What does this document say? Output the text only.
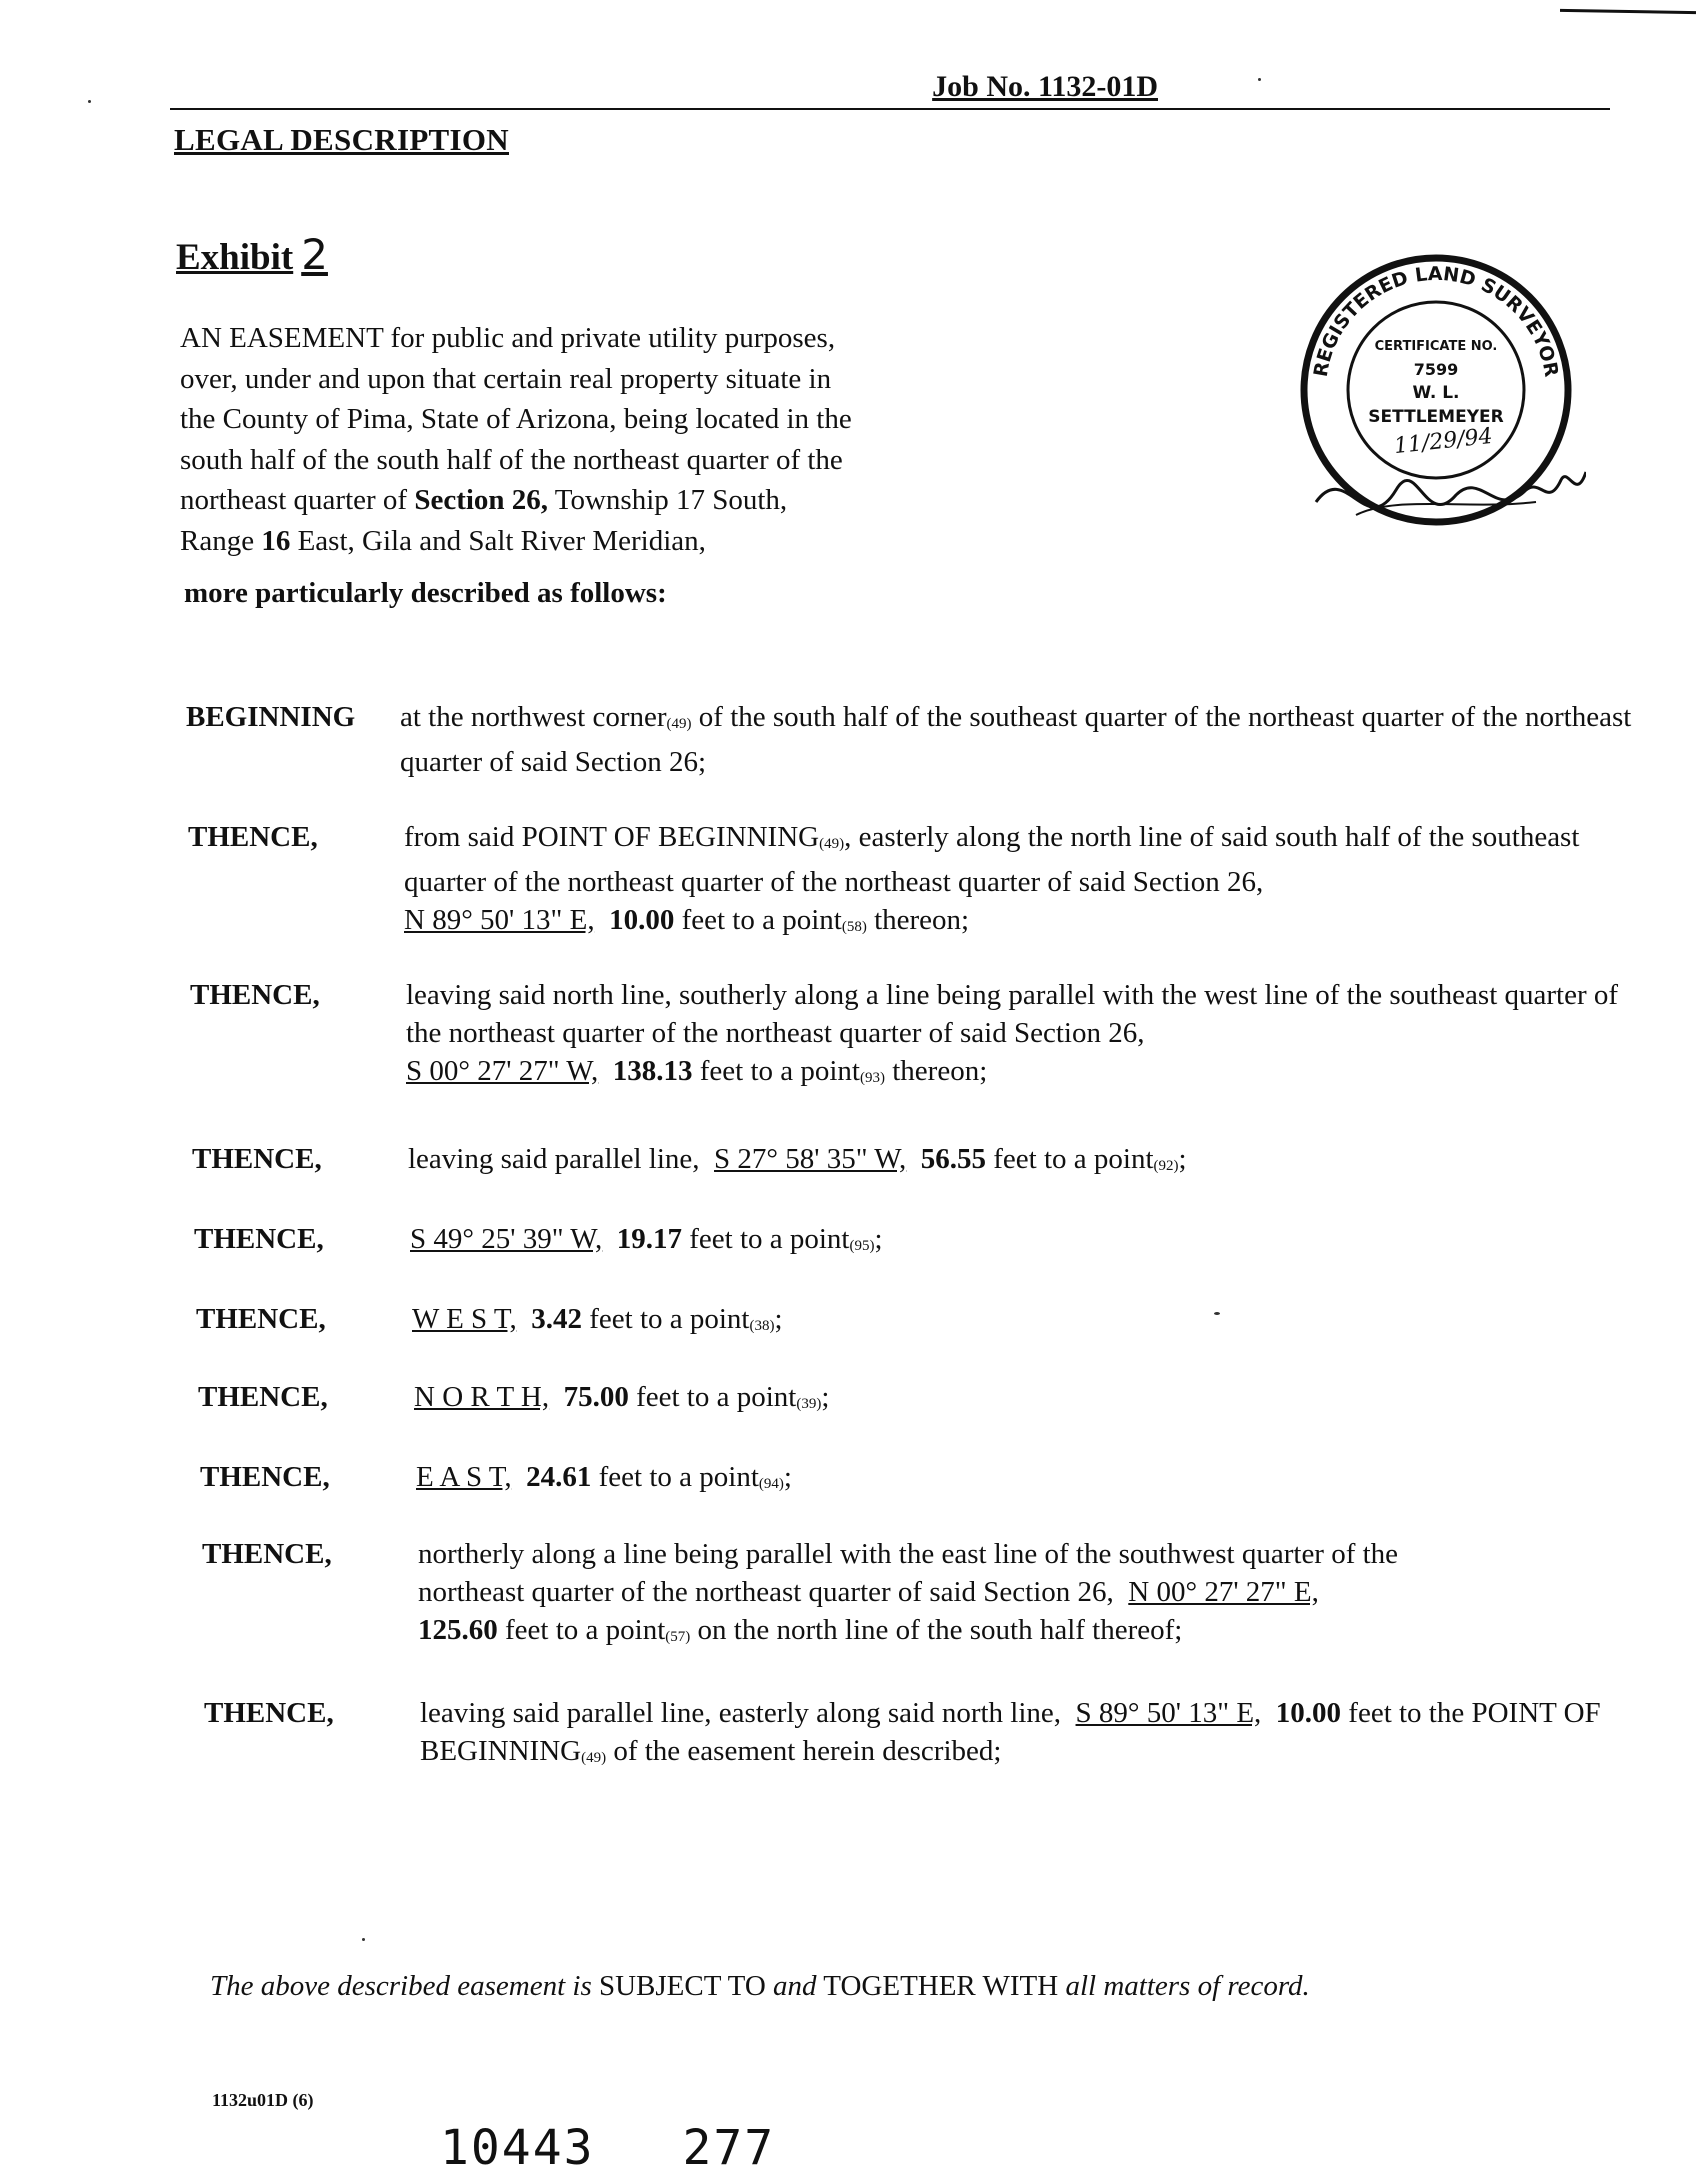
Job No. 1132-01D
LEGAL DESCRIPTION
Exhibit 2
AN EASEMENT for public and private utility purposes,
over, under and upon that certain real property situate in
the County of Pima, State of Arizona, being located in the
south half of the south half of the northeast quarter of the
northeast quarter of Section 26, Township 17 South,
Range 16 East, Gila and Salt River Meridian,
more particularly described as follows:
REGISTERED LAND SURVEYOR
CERTIFICATE NO.
7599
W. L.
SETTLEMEYER
11/29/94
BEGINNING at the northwest corner(49) of the south half of the southeast quarter of the northeast quarter of the northeast quarter of said Section 26;
THENCE,	from said POINT OF BEGINNING(49), easterly along the north line of said south half of the southeast quarter of the northeast quarter of the northeast quarter of said Section 26,
N 89° 50' 13" E, 10.00 feet to a point(58) thereon;
THENCE,	leaving said north line, southerly along a line being parallel with the west line of the southeast quarter of the northeast quarter of the northeast quarter of said Section 26,
S 00° 27' 27" W, 138.13 feet to a point(93) thereon;
THENCE,	leaving said parallel line, S 27° 58' 35" W, 56.55 feet to a point(92);
THENCE,	S 49° 25' 39" W, 19.17 feet to a point(95);
THENCE,	W E S T, 3.42 feet to a point(38);
THENCE,	N O R T H, 75.00 feet to a point(39);
THENCE,	E A S T, 24.61 feet to a point(94);
THENCE,	northerly along a line being parallel with the east line of the southwest quarter of the northeast quarter of the northeast quarter of said Section 26, N 00° 27' 27" E,
125.60 feet to a point(57) on the north line of the south half thereof;
THENCE,	leaving said parallel line, easterly along said north line, S 89° 50' 13" E, 10.00 feet to the POINT OF BEGINNING(49) of the easement herein described;
The above described easement is SUBJECT TO and TOGETHER WITH all matters of record.
1132u01D (6)
10443 277
